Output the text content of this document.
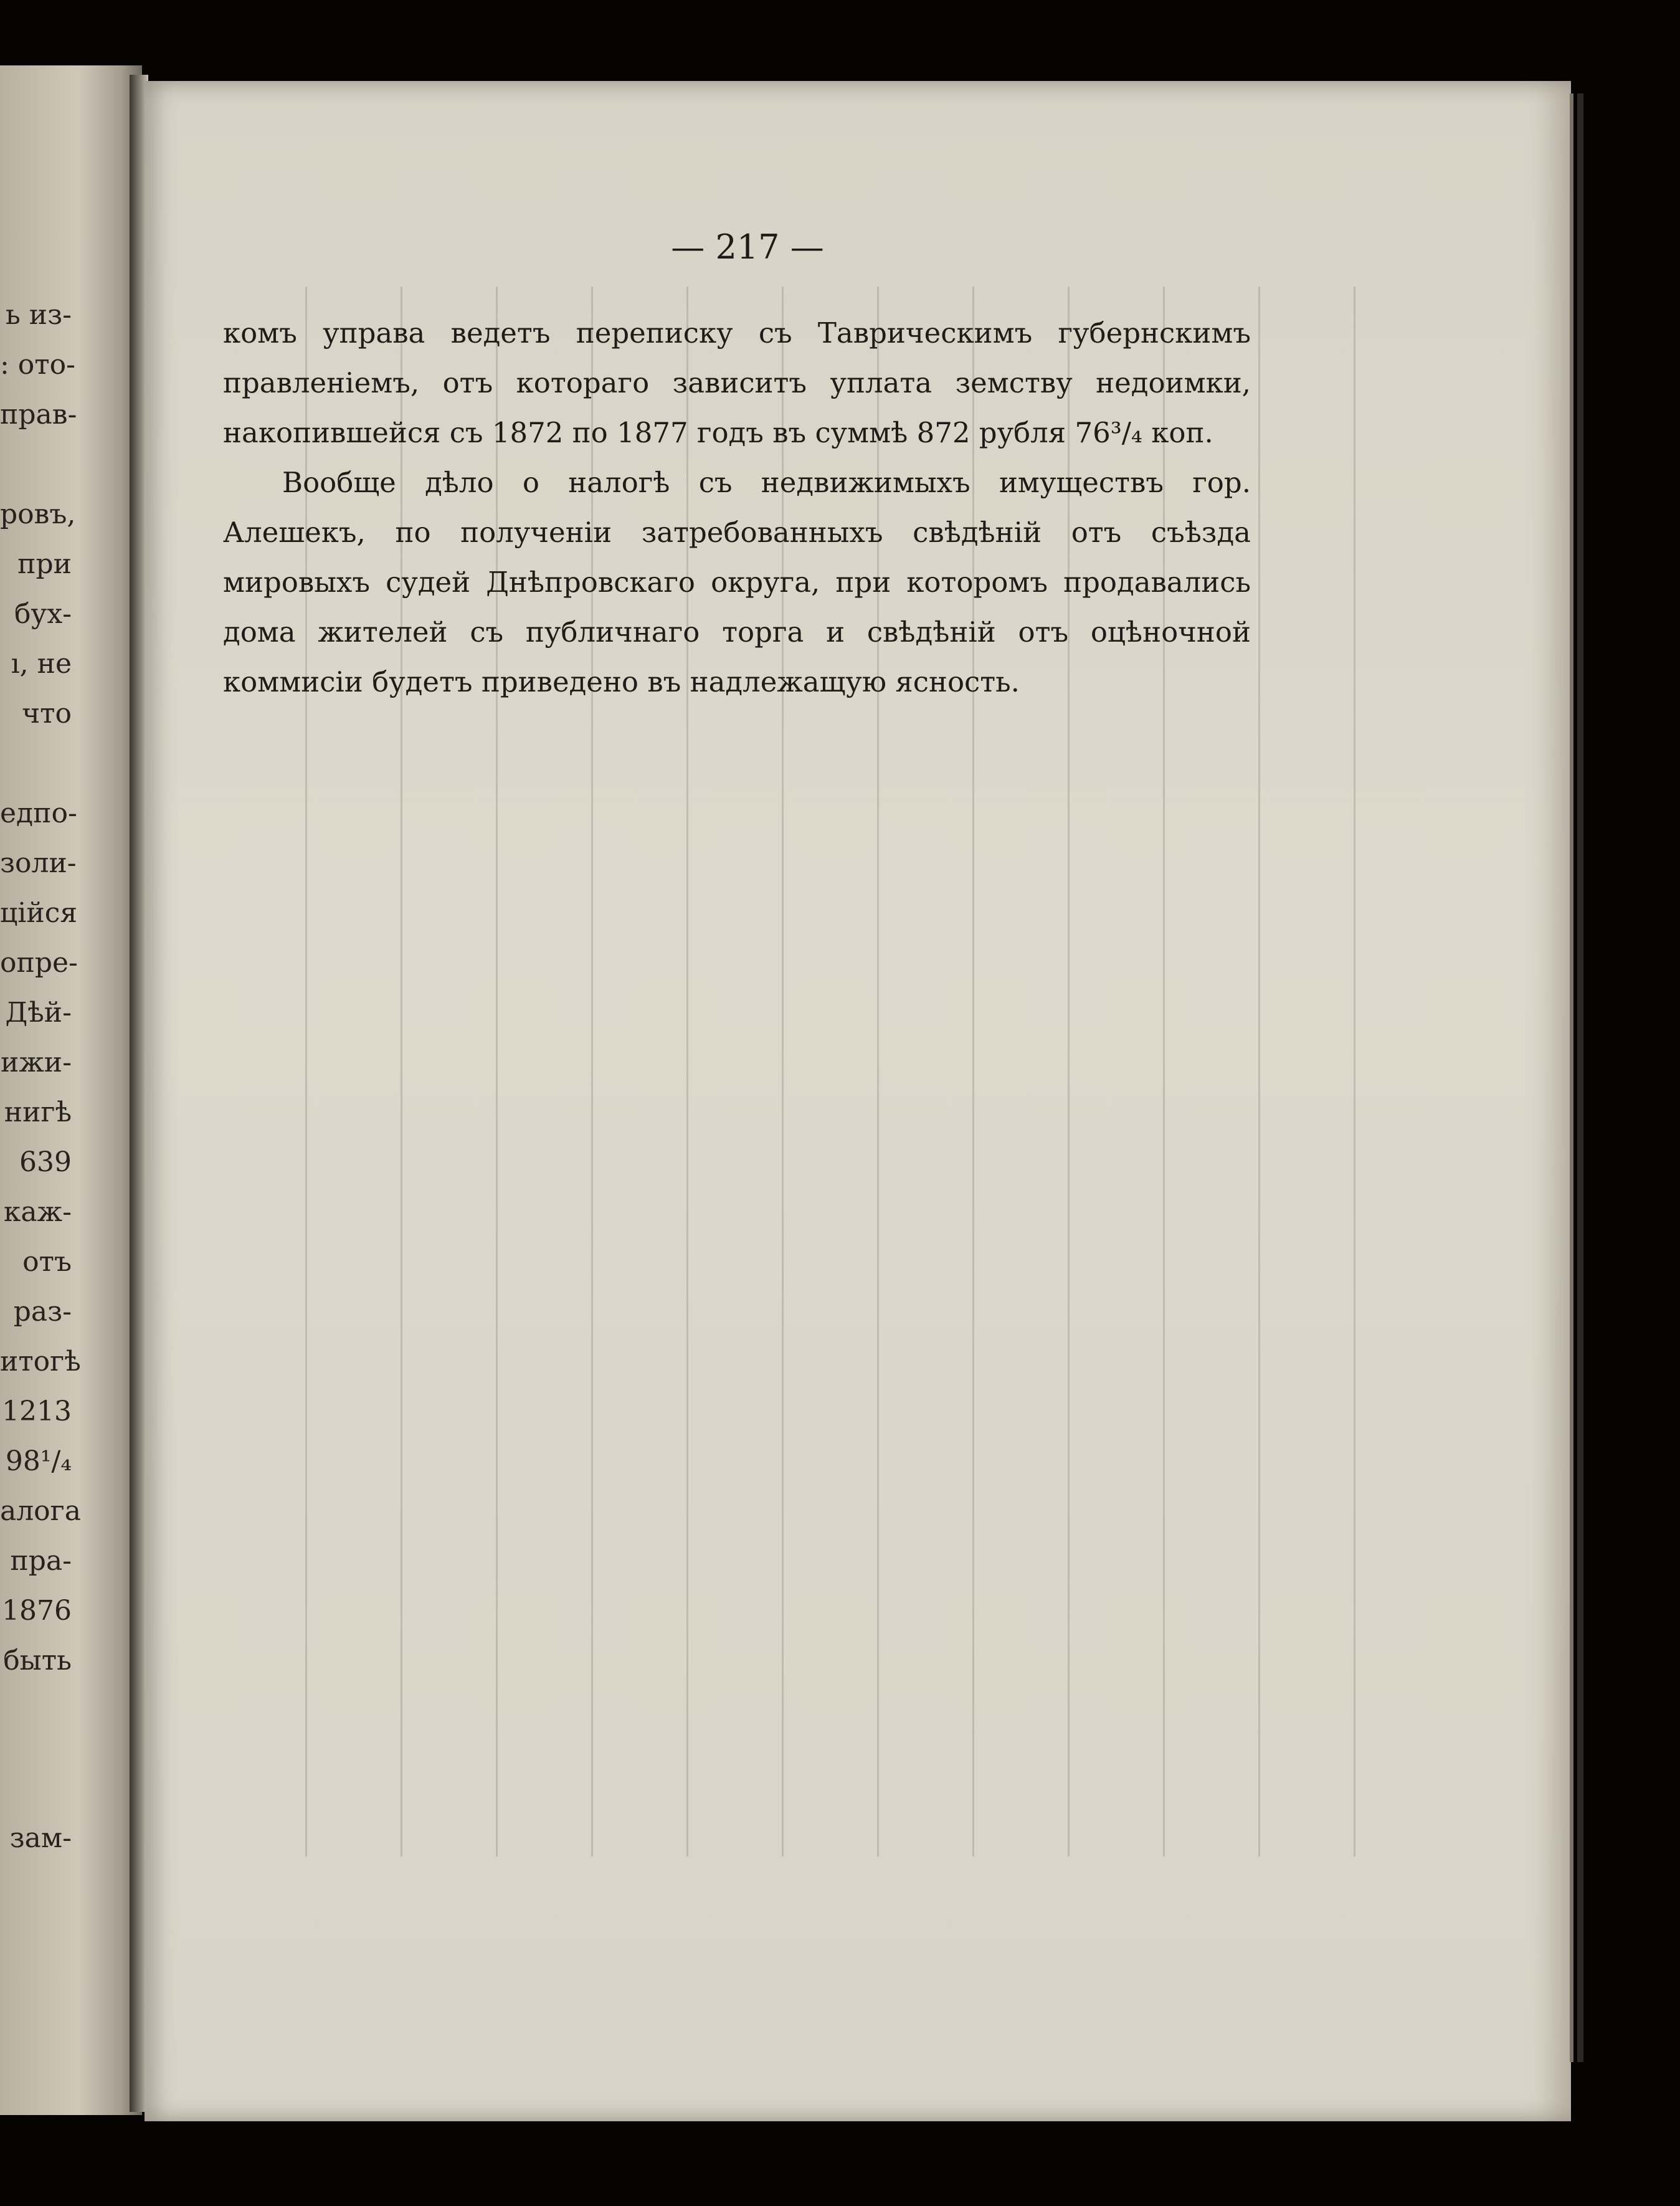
ь из-
: ото-
прав-
ровъ,
при
бух-
ı, не
что
едпо-
золи-
ційся
опре-
Дѣй-
ижи-
нигѣ
639
каж-
отъ
раз-
итогѣ
1213
98¹/₄
алога
пра-
1876
быть
зам-
— 217 —

комъ управа ведетъ переписку съ Таврическимъ губернскимъ правленіемъ, отъ котораго зависитъ уплата земству недоимки, накопившейся съ 1872 по 1877 годъ въ суммѣ 872 рубля 76³/₄ коп.

Вообще дѣло о налогѣ съ недвижимыхъ имуществъ гор. Алешекъ, по полученіи затребованныхъ свѣдѣній отъ съѣзда мировыхъ судей Днѣпровскаго округа, при которомъ продавались дома жителей съ публичнаго торга и свѣдѣній отъ оцѣночной коммисіи будетъ приведено въ надлежащую ясность.
